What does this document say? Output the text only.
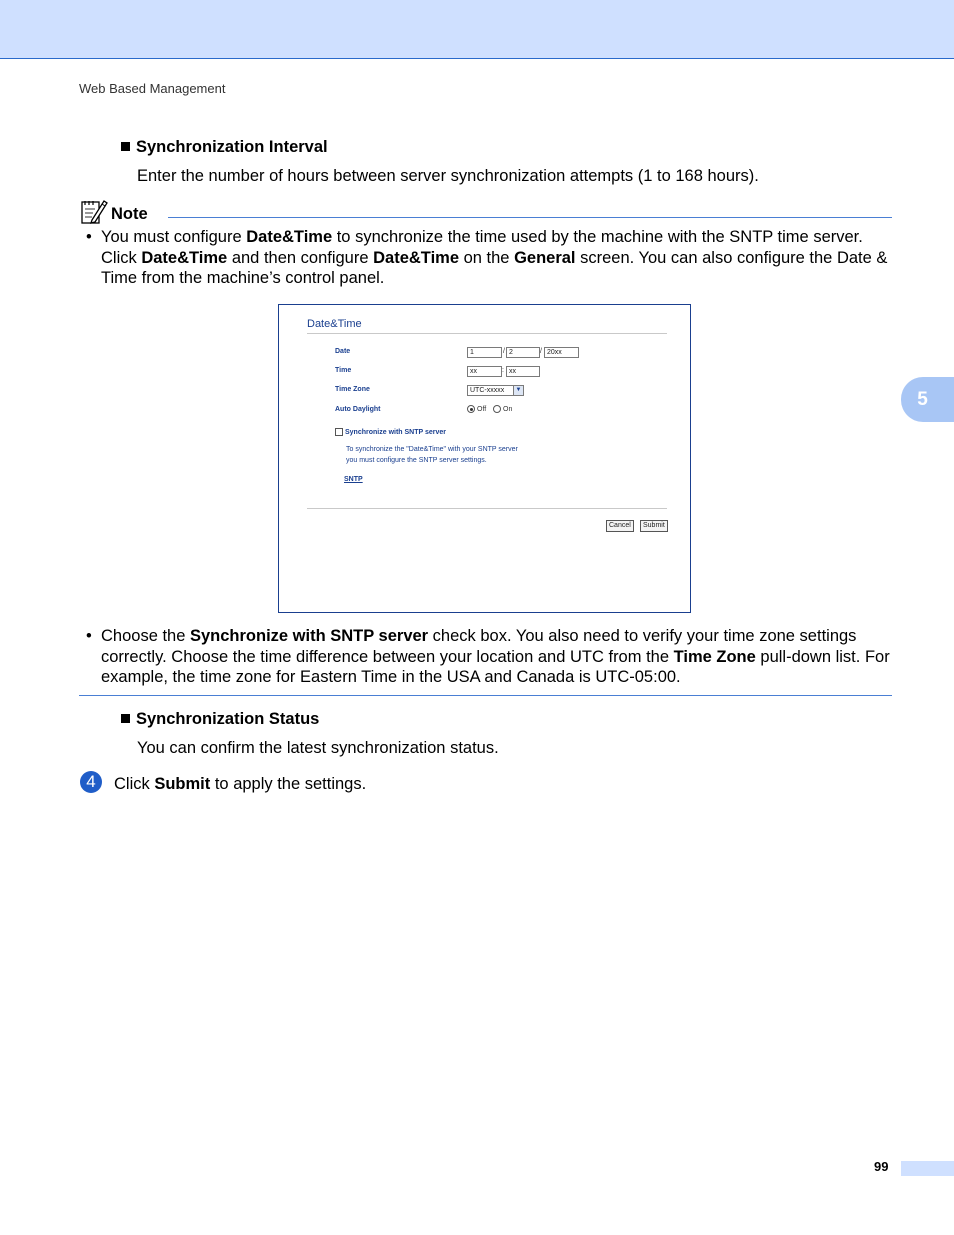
Web Based Management
5
Synchronization Interval
Enter the number of hours between server synchronization attempts (1 to 168 hours).
Note
• You must configure Date&Time to synchronize the time used by the machine with the SNTP time server. Click Date&Time and then configure Date&Time on the General screen. You can also configure the Date & Time from the machine’s control panel.
Date&Time
Date	1	/ 2	/ 20xx
Time	xx	: xx
Time Zone	UTC-xxxxx	▼
Auto Daylight	Off On
Synchronize with SNTP server
To synchronize the "Date&Time" with your SNTP server
you must configure the SNTP server settings.
SNTP
Cancel	Submit
• Choose the Synchronize with SNTP server check box. You also need to verify your time zone settings correctly. Choose the time difference between your location and UTC from the Time Zone pull-down list. For example, the time zone for Eastern Time in the USA and Canada is UTC-05:00.
Synchronization Status
You can confirm the latest synchronization status.
4	Click Submit to apply the settings.
99
